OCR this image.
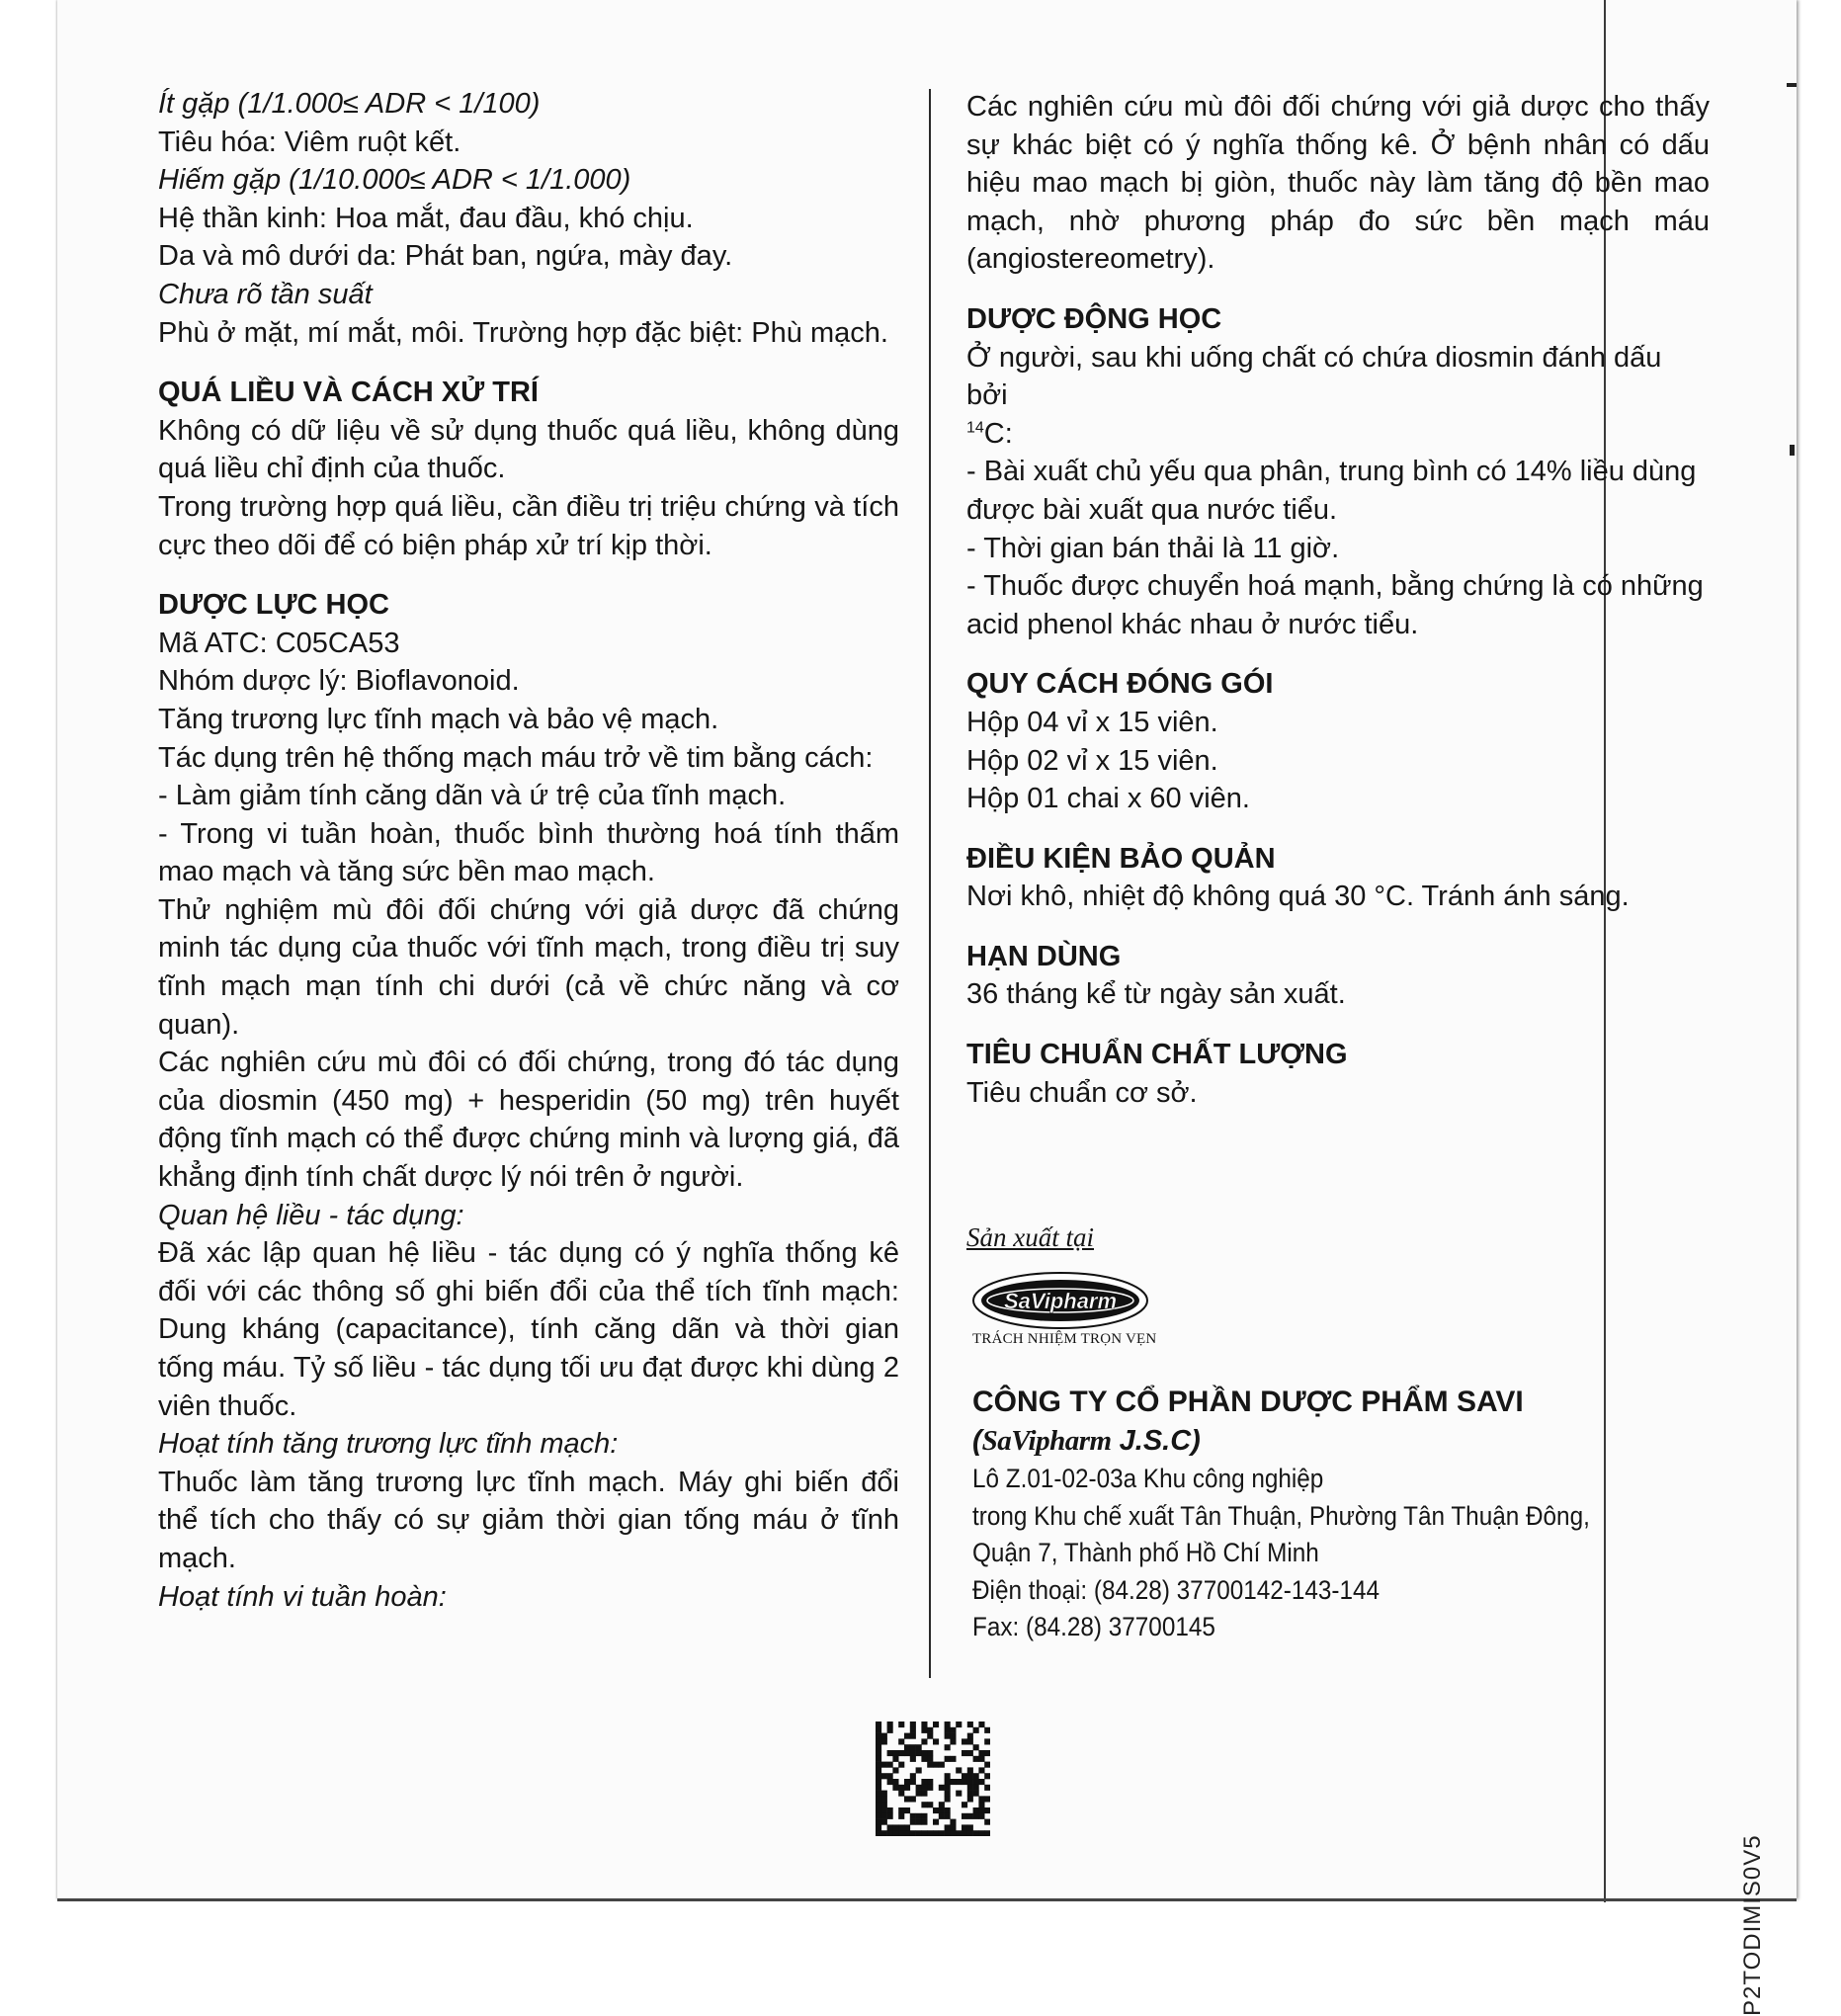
Ít gặp (1/1.000≤ ADR < 1/100)

Tiêu hóa: Viêm ruột kết.

Hiếm gặp (1/10.000≤ ADR < 1/1.000)

Hệ thần kinh: Hoa mắt, đau đầu, khó chịu.

Da và mô dưới da: Phát ban, ngứa, mày đay.

Chưa rõ tần suất

Phù ở mặt, mí mắt, môi. Trường hợp đặc biệt: Phù mạch.

QUÁ LIỀU VÀ CÁCH XỬ TRÍ

Không có dữ liệu về sử dụng thuốc quá liều, không dùng

quá liều chỉ định của thuốc.

Trong trường hợp quá liều, cần điều trị triệu chứng và tích

cực theo dõi để có biện pháp xử trí kịp thời.

DƯỢC LỰC HỌC

Mã ATC: C05CA53

Nhóm dược lý: Bioflavonoid.

Tăng trương lực tĩnh mạch và bảo vệ mạch.

Tác dụng trên hệ thống mạch máu trở về tim bằng cách:

- Làm giảm tính căng dãn và ứ trệ của tĩnh mạch.

- Trong vi tuần hoàn, thuốc bình thường hoá tính thấm

mao mạch và tăng sức bền mao mạch.

Thử nghiệm mù đôi đối chứng với giả dược đã chứng

minh tác dụng của thuốc với tĩnh mạch, trong điều trị suy

tĩnh mạch mạn tính chi dưới (cả về chức năng và cơ

quan).

Các nghiên cứu mù đôi có đối chứng, trong đó tác dụng

của diosmin (450 mg) + hesperidin (50 mg) trên huyết

động tĩnh mạch có thể được chứng minh và lượng giá, đã

khẳng định tính chất dược lý nói trên ở người.

Quan hệ liều - tác dụng:

Đã xác lập quan hệ liều - tác dụng có ý nghĩa thống kê

đối với các thông số ghi biến đổi của thể tích tĩnh mạch:

Dung kháng (capacitance), tính căng dãn và thời gian

tống máu. Tỷ số liều - tác dụng tối ưu đạt được khi dùng 2

viên thuốc.

Hoạt tính tăng trương lực tĩnh mạch:

Thuốc làm tăng trương lực tĩnh mạch. Máy ghi biến đổi

thể tích cho thấy có sự giảm thời gian tống máu ở tĩnh

mạch.

Hoạt tính vi tuần hoàn:

Các nghiên cứu mù đôi đối chứng với giả dược cho thấy

sự khác biệt có ý nghĩa thống kê. Ở bệnh nhân có dấu

hiệu mao mạch bị giòn, thuốc này làm tăng độ bền mao

mạch, nhờ phương pháp đo sức bền mạch máu

(angiostereometry).

DƯỢC ĐỘNG HỌC

Ở người, sau khi uống chất có chứa diosmin đánh dấu bởi

$^{14}$C:

- Bài xuất chủ yếu qua phân, trung bình có 14% liều dùng

được bài xuất qua nước tiểu.

- Thời gian bán thải là 11 giờ.

- Thuốc được chuyển hoá mạnh, bằng chứng là có những

acid phenol khác nhau ở nước tiểu.

QUY CÁCH ĐÓNG GÓI

Hộp 04 vỉ x 15 viên.

Hộp 02 vỉ x 15 viên.

Hộp 01 chai x 60 viên.

ĐIỀU KIỆN BẢO QUẢN

Nơi khô, nhiệt độ không quá 30 °C. Tránh ánh sáng.

HẠN DÙNG

36 tháng kể từ ngày sản xuất.

TIÊU CHUẨN CHẤT LƯỢNG

Tiêu chuẩn cơ sở.

Sản xuất tại
SaVipharm
TRÁCH NHIỆM TRỌN VẸN

CÔNG TY CỔ PHẦN DƯỢC PHẨM SAVI

(SaVipharm J.S.C)

Lô Z.01-02-03a Khu công nghiệp

trong Khu chế xuất Tân Thuận, Phường Tân Thuận Đông,

Quận 7, Thành phố Hồ Chí Minh

Điện thoại: (84.28) 37700142-143-144

Fax: (84.28) 37700145

P2TODIMIS0V5
